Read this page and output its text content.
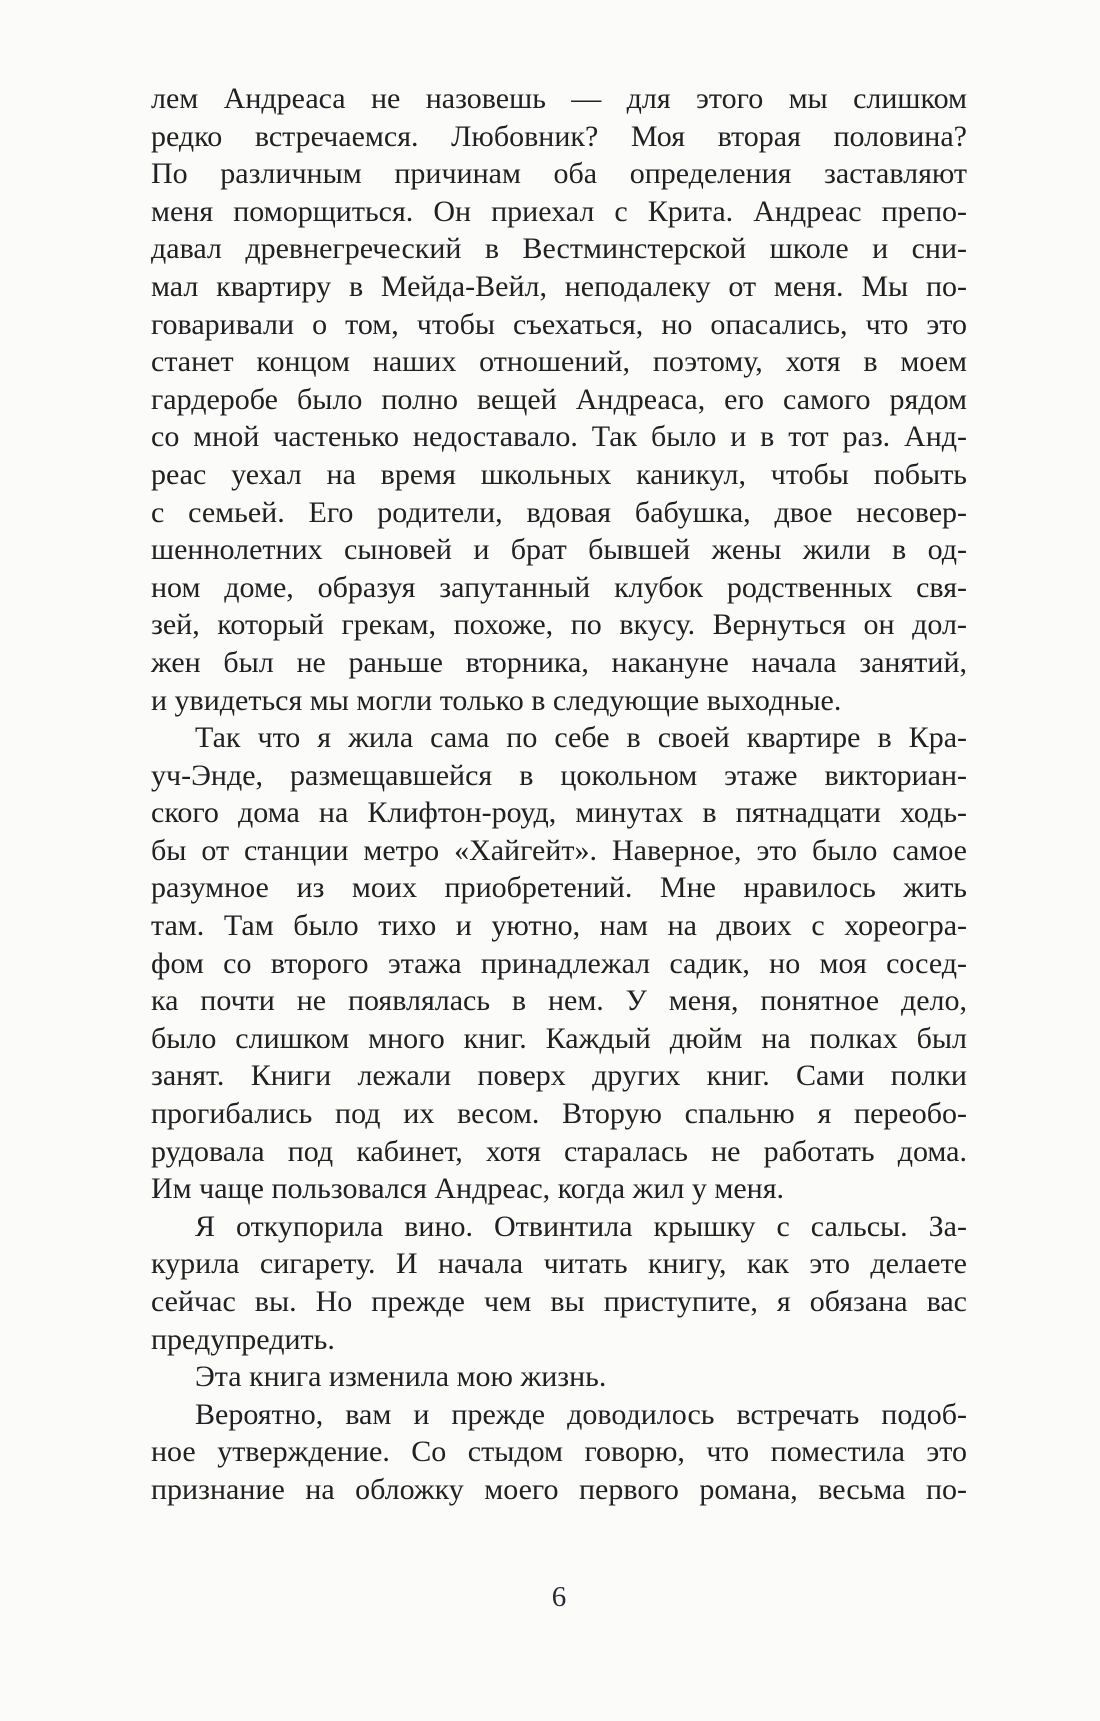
лем Андреаса не назовешь — для этого мы слишком
редко встречаемся. Любовник? Моя вторая половина?
По различным причинам оба определения заставляют
меня поморщиться. Он приехал с Крита. Андреас препо-
давал древнегреческий в Вестминстерской школе и сни-
мал квартиру в Мейда-Вейл, неподалеку от меня. Мы по-
говаривали о том, чтобы съехаться, но опасались, что это
станет концом наших отношений, поэтому, хотя в моем
гардеробе было полно вещей Андреаса, его самого рядом
со мной частенько недоставало. Так было и в тот раз. Анд-
реас уехал на время школьных каникул, чтобы побыть
с семьей. Его родители, вдовая бабушка, двое несовер-
шеннолетних сыновей и брат бывшей жены жили в од-
ном доме, образуя запутанный клубок родственных свя-
зей, который грекам, похоже, по вкусу. Вернуться он дол-
жен был не раньше вторника, накануне начала занятий,
и увидеться мы могли только в следующие выходные.
Так что я жила сама по себе в своей квартире в Кра-
уч-Энде, размещавшейся в цокольном этаже викториан-
ского дома на Клифтон-роуд, минутах в пятнадцати ходь-
бы от станции метро «Хайгейт». Наверное, это было самое
разумное из моих приобретений. Мне нравилось жить
там. Там было тихо и уютно, нам на двоих с хореогра-
фом со второго этажа принадлежал садик, но моя сосед-
ка почти не появлялась в нем. У меня, понятное дело,
было слишком много книг. Каждый дюйм на полках был
занят. Книги лежали поверх других книг. Сами полки
прогибались под их весом. Вторую спальню я переобо-
рудовала под кабинет, хотя старалась не работать дома.
Им чаще пользовался Андреас, когда жил у меня.
Я откупорила вино. Отвинтила крышку с сальсы. За-
курила сигарету. И начала читать книгу, как это делаете
сейчас вы. Но прежде чем вы приступите, я обязана вас
предупредить.
Эта книга изменила мою жизнь.
Вероятно, вам и прежде доводилось встречать подоб-
ное утверждение. Со стыдом говорю, что поместила это
признание на обложку моего первого романа, весьма по-
6
